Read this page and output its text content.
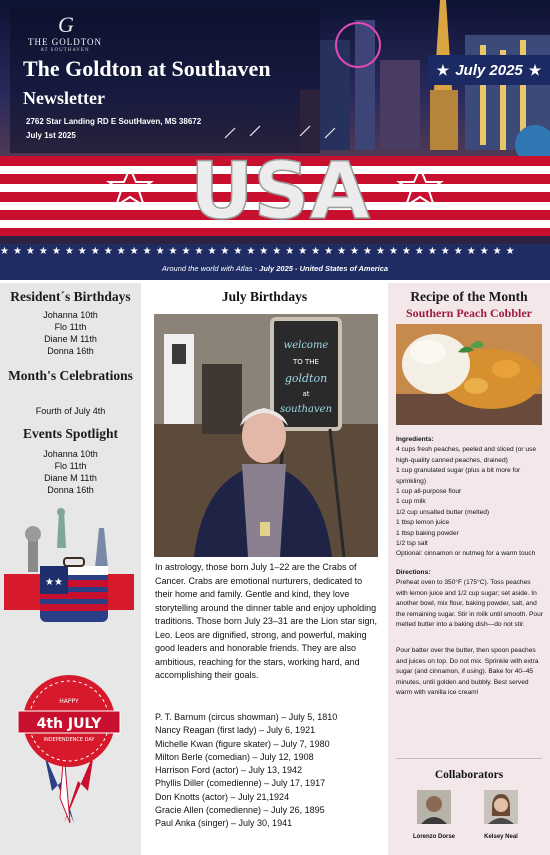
G
THE GOLDTON
AT SOUTHAVEN
The Goldton at Southaven
Newsletter
2762 Star Landing RD E SoutHaven, MS 38672
July 1st 2025
★ July 2025 ★
USA
★★★★★★★★★★★★★★★★★★★★★★★★★★★★★★★★★★★★★★★★
Around the world with Atlas - July 2025 - United States of America
Resident´s Birthdays
Johanna 10th
Flo 11th
Diane M 11th
Donna 16th
Month's Celebrations
Fourth of July 4th
Events Spotlight
Johanna 10th
Flo 11th
Diane M 11th
Donna 16th
★★
HAPPY
4th JULY
INDEPENDENCE DAY
July Birthdays
welcome
TO THE
goldton
at
southaven
In astrology, those born July 1–22 are the Crabs of Cancer. Crabs are emotional nurturers, dedicated to their home and family. Gentle and kind, they love storytelling around the dinner table and enjoy upholding traditions. Those born July 23–31 are the Lion star sign, Leo. Leos are dignified, strong, and powerful, making good leaders and honorable friends. They are also ambitious, reaching for the stars, working hard, and accomplishing their goals.
P. T. Barnum (circus showman) – July 5, 1810
Nancy Reagan (first lady) – July 6, 1921
Michelle Kwan (figure skater) – July 7, 1980
Milton Berle (comedian) – July 12, 1908
Harrison Ford (actor) – July 13, 1942
Phyllis Diller (comedienne) – July 17, 1917
Don Knotts (actor) – July 21,1924
Gracie Allen (comedienne) – July 26, 1895
Paul Anka (singer) – July 30, 1941
Recipe of the Month
Southern Peach Cobbler
Ingredients:
4 cups fresh peaches, peeled and sliced (or use high-quality canned peaches, drained)
1 cup granulated sugar (plus a bit more for sprinkling)
1 cup all-purpose flour
1 cup milk
1/2 cup unsalted butter (melted)
1 tbsp lemon juice
1 tbsp baking powder
1/2 tsp salt
Optional: cinnamon or nutmeg for a warm touch
Directions:
Preheat oven to 350°F (175°C). Toss peaches with lemon juice and 1/2 cup sugar; set aside. In another bowl, mix flour, baking powder, salt, and the remaining sugar. Stir in milk until smooth. Pour melted butter into a baking dish—do not stir.
Pour batter over the butter, then spoon peaches and juices on top. Do not mix. Sprinkle with extra sugar (and cinnamon, if using). Bake for 40–45 minutes, until golden and bubbly. Best served warm with vanilla ice cream!
Collaborators
Lorenzo Dorse	Kelsey Neal
